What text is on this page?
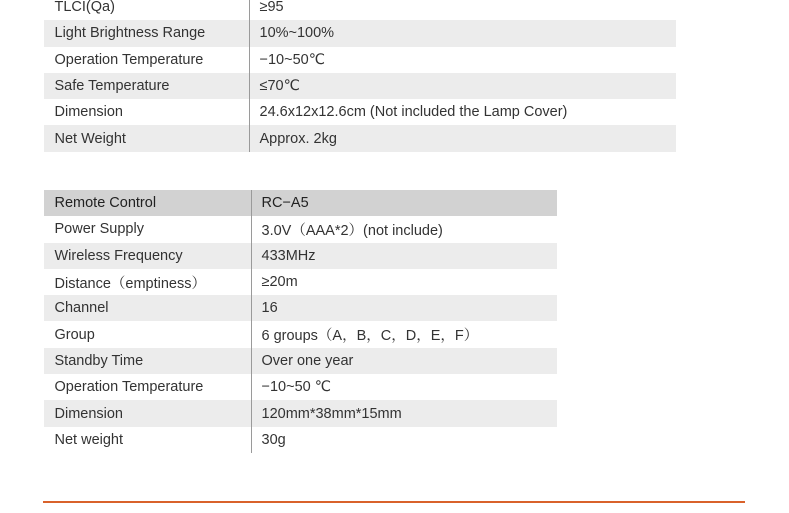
TLCI(Qa)	≥95
Light Brightness Range	10%~100%
Operation Temperature	−10~50℃
Safe Temperature	≤70℃
Dimension	24.6x12x12.6cm (Not included the Lamp Cover)
Net Weight	Approx. 2kg
Remote Control	RC−A5
Power Supply	3.0V（AAA*2）(not include)
Wireless Frequency	433MHz
Distance（emptiness）	≥20m
Channel	16
Group	6 groups（A，B，C，D，E，F）
Standby Time	Over one year
Operation Temperature	−10~50 ℃
Dimension	120mm*38mm*15mm
Net weight	30g
